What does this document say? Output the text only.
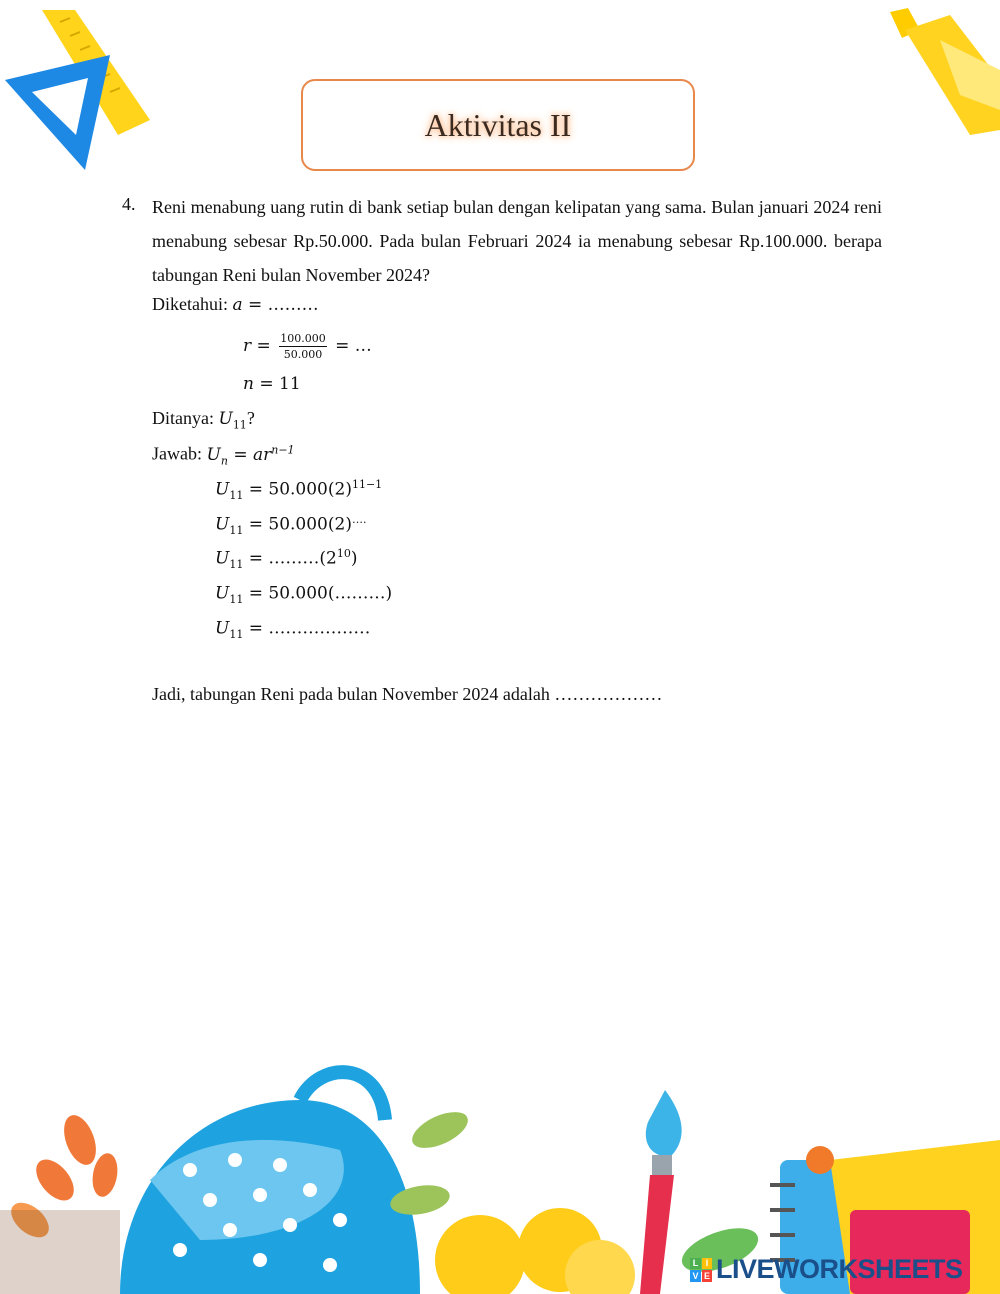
Aktivitas II
4. Reni menabung uang rutin di bank setiap bulan dengan kelipatan yang sama. Bulan januari 2024 reni menabung sebesar Rp.50.000. Pada bulan Februari 2024 ia menabung sebesar Rp.100.000. berapa tabungan Reni bulan November 2024?
Diketahui: a = ………
$r = \frac{100.000}{50.000}$ = …
n = 11
Ditanya: $U_{11}$?
Jawab: $U_n = ar^{n-1}$
$U_{11} = 50.000(2)^{11-1}$
$U_{11} = 50.000(2)^{\dots.}$
$U_{11}$ = $\dots\dots\dots(2^{10})$
$U_{11}$ = 50.000(………)
$U_{11}$ = ………………
Jadi, tabungan Reni pada bulan November 2024 adalah ………………
L I
V E LIVEWORKSHEETS
